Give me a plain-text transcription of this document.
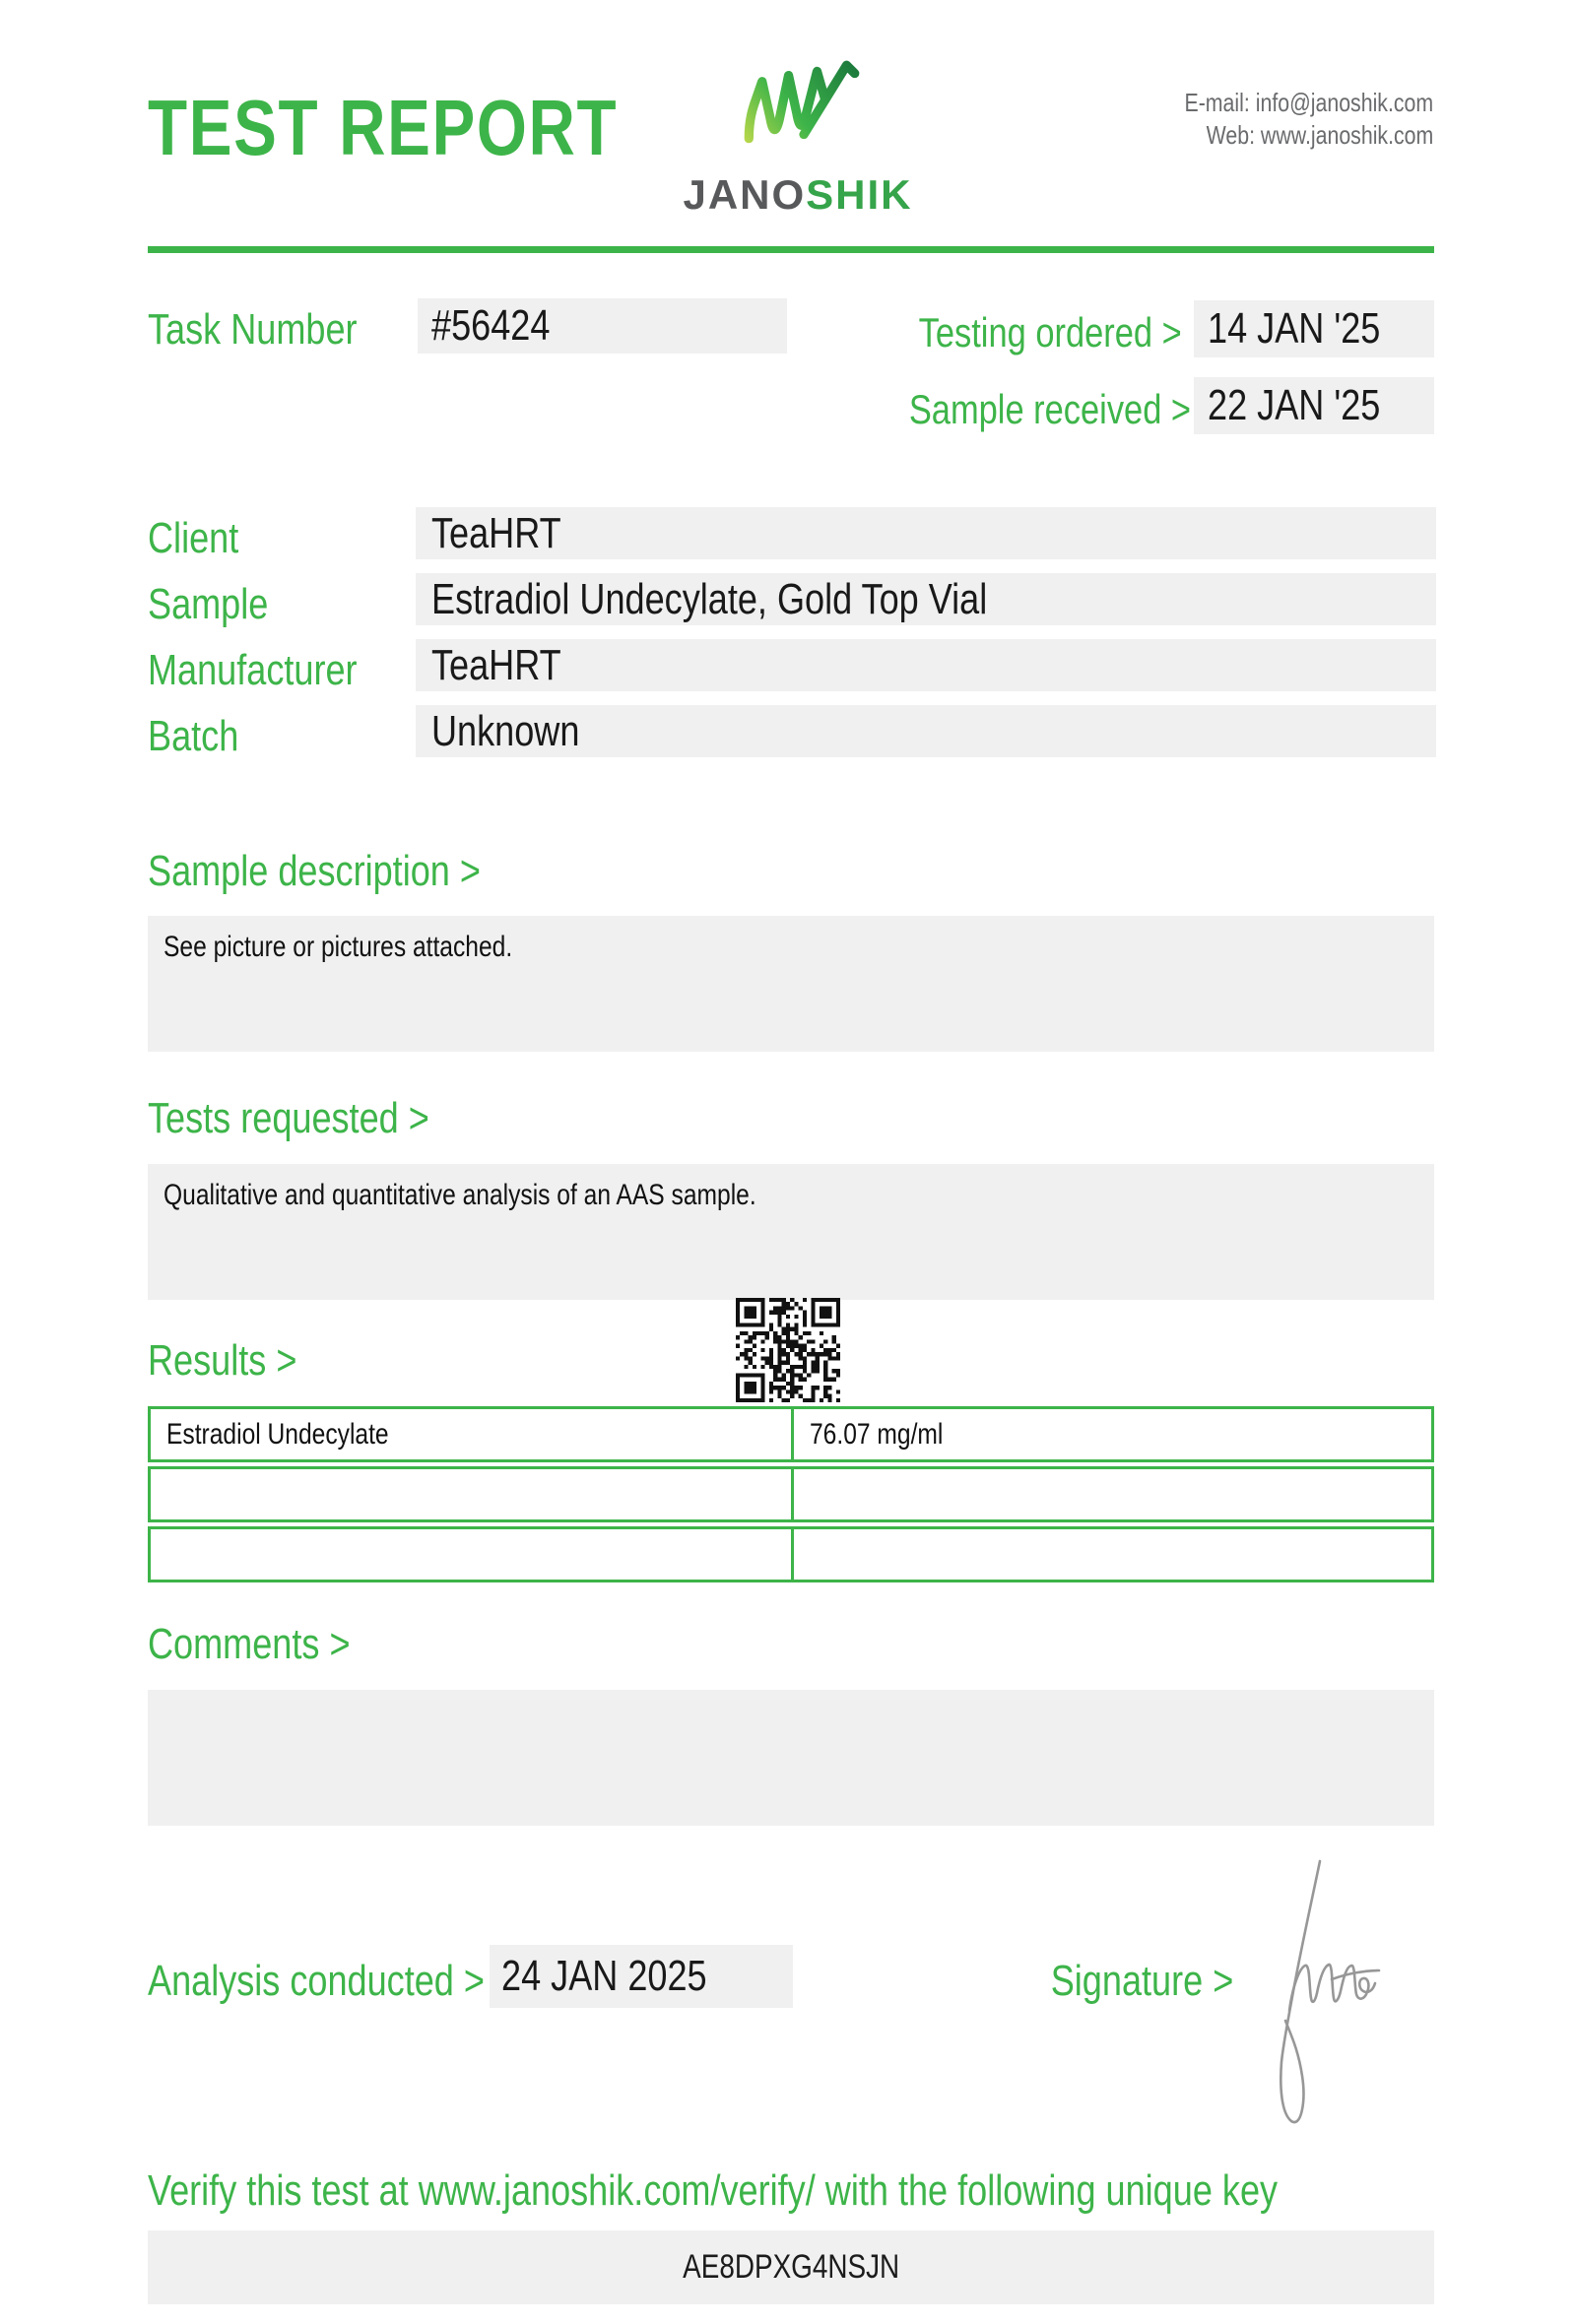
TEST REPORT
JANOSHIK
E-mail: info@janoshik.com
Web: www.janoshik.com
Task Number	#56424	Testing ordered > 14 JAN '25
Sample received > 22 JAN '25
Client	TeaHRT
Sample	Estradiol Undecylate, Gold Top Vial
Manufacturer	TeaHRT
Batch	Unknown
Sample description >
See picture or pictures attached.
Tests requested >
Qualitative and quantitative analysis of an AAS sample.
Results >
Estradiol Undecylate	76.07 mg/ml
Comments >
Analysis conducted > 24 JAN 2025	Signature >
Verify this test at www.janoshik.com/verify/ with the following unique key
AE8DPXG4NSJN
